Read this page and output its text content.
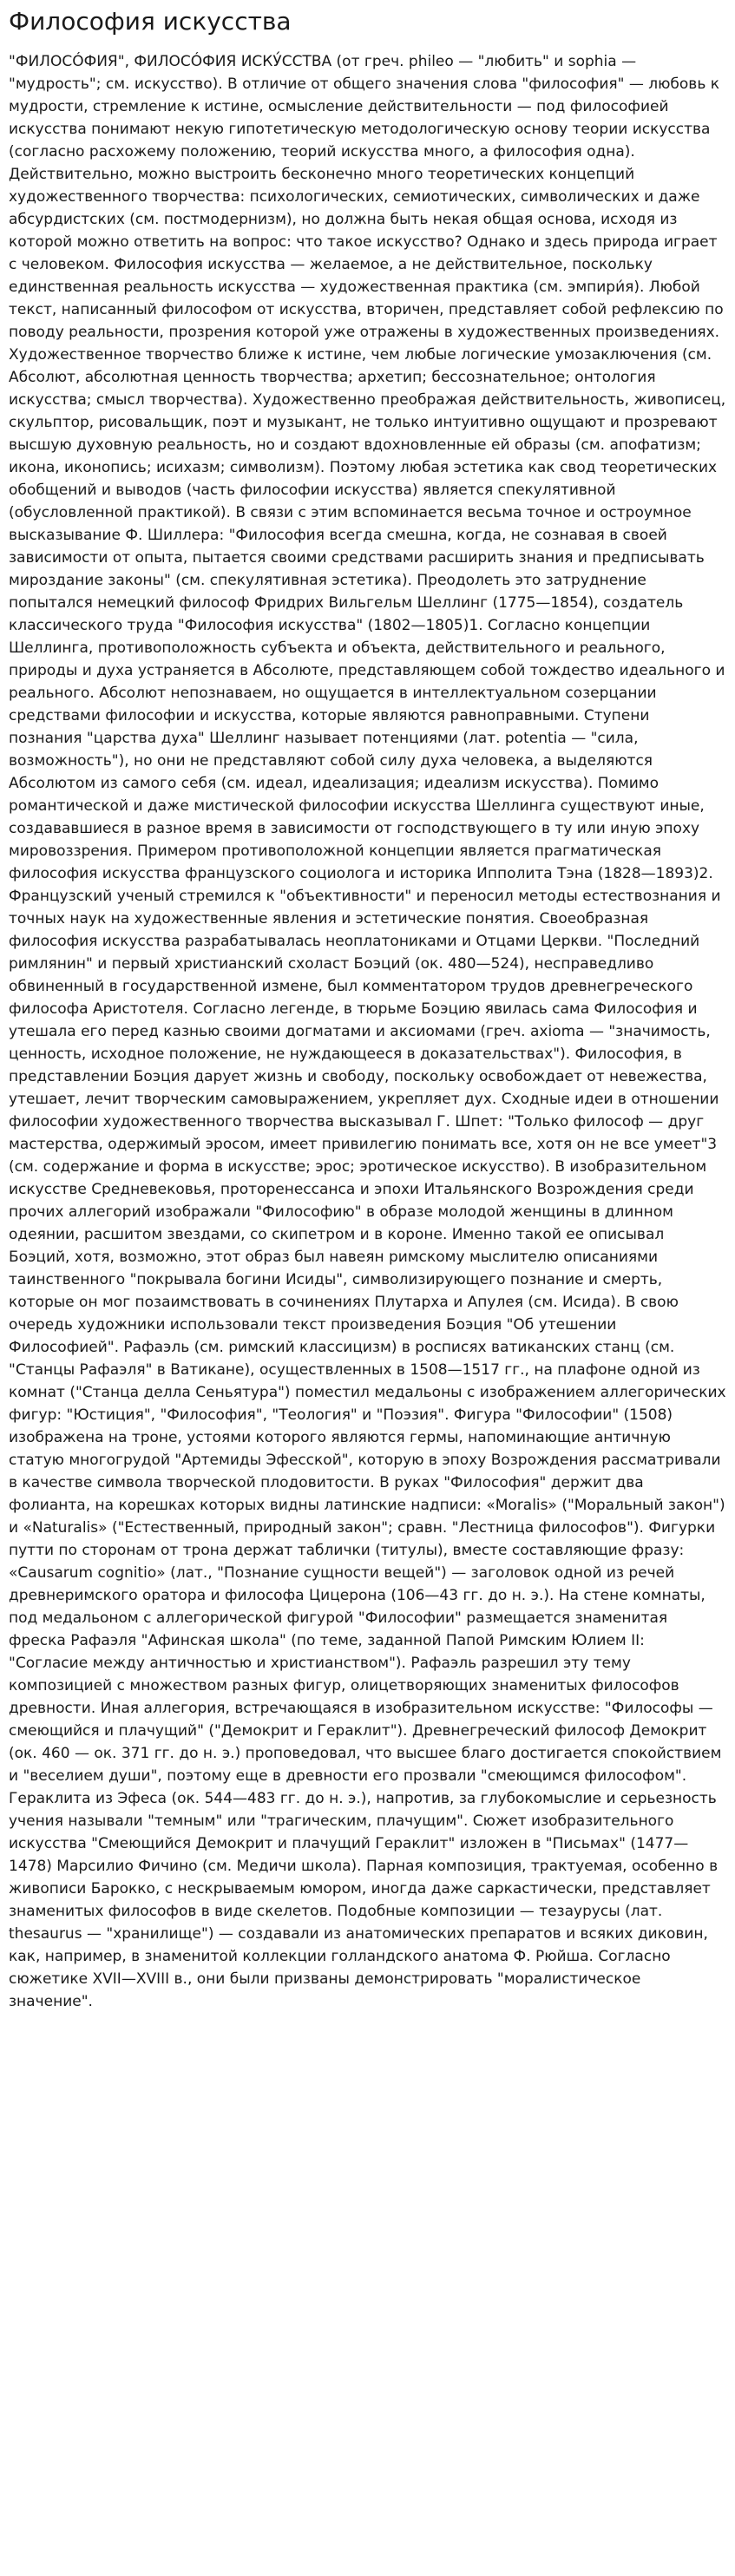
Философия искусства
"ФИЛОСÓФИЯ", ФИЛОСÓФИЯ ИСКУ́ССТВА (от греч. phileo — "любить" и sophia — "мудрость"; см. искусство). В отличие от общего значения слова "философия" — любовь к мудрости, стремление к истине, осмысление действительности — под философией искусства понимают некую гипотетическую методологическую основу теории искусства (согласно расхожему положению, теорий искусства много, а философия одна). Действительно, можно выстроить бесконечно много теоретических концепций художественного творчества: психологических, семиотических, символических и даже абсурдистских (см. постмодернизм), но должна быть некая общая основа, исходя из которой можно ответить на вопрос: что такое искусство? Однако и здесь природа играет с человеком. Философия искусства — желаемое, а не действительное, поскольку единственная реальность искусства — художественная практика (см. эмпири́я). Любой текст, написанный философом от искусства, вторичен, представляет собой рефлексию по поводу реальности, прозрения которой уже отражены в художественных произведениях. Художественное творчество ближе к истине, чем любые логические умозаключения (см. Абсолют, абсолютная ценность творчества; архетип; бессознательное; онтология искусства; смысл творчества). Художественно преображая действительность, живописец, скульптор, рисовальщик, поэт и музыкант, не только интуитивно ощущают и прозревают высшую духовную реальность, но и создают вдохновленные ей образы (см. апофатизм; икона, иконопись; исихазм; символизм). Поэтому любая эстетика как свод теоретических обобщений и выводов (часть философии искусства) является спекулятивной (обусловленной практикой). В связи с этим вспоминается весьма точное и остроумное высказывание Ф. Шиллера: "Философия всегда смешна, когда, не сознавая в своей зависимости от опыта, пытается своими средствами расширить знания и предписывать мироздание законы" (см. спекулятивная эстетика). Преодолеть это затруднение попытался немецкий философ Фридрих Вильгельм Шеллинг (1775—1854), создатель классического труда "Философия искусства" (1802—1805)1. Согласно концепции Шеллинга, противоположность субъекта и объекта, действительного и реального, природы и духа устраняется в Абсолюте, представляющем собой тождество идеального и реального. Абсолют непознаваем, но ощущается в интеллектуальном созерцании средствами философии и искусства, которые являются равноправными. Ступени познания "царства духа" Шеллинг называет потенциями (лат. potentia — "сила, возможность"), но они не представляют собой силу духа человека, а выделяются Абсолютом из самого себя (см. идеал, идеализация; идеализм искусства). Помимо романтической и даже мистической философии искусства Шеллинга существуют иные, создававшиеся в разное время в зависимости от господствующего в ту или иную эпоху мировоззрения. Примером противоположной концепции является прагматическая философия искусства французского социолога и историка Ипполита Тэна (1828—1893)2. Французский ученый стремился к "объективности" и переносил методы естествознания и точных наук на художественные явления и эстетические понятия. Своеобразная философия искусства разрабатывалась неоплатониками и Отцами Церкви. "Последний римлянин" и первый христианский схоласт Боэций (ок. 480—524), несправедливо обвиненный в государственной измене, был комментатором трудов древнегреческого философа Аристотеля. Согласно легенде, в тюрьме Боэцию явилась сама Философия и утешала его перед казнью своими догматами и аксиомами (греч. axioma — "значимость, ценность, исходное положение, не нуждающееся в доказательствах"). Философия, в представлении Боэция дарует жизнь и свободу, поскольку освобождает от невежества, утешает, лечит творческим самовыражением, укрепляет дух. Сходные идеи в отношении философии художественного творчества высказывал Г. Шпет: "Только философ — друг мастерства, одержимый эросом, имеет привилегию понимать все, хотя он не все умеет"3 (см. содержание и форма в искусстве; эрос; эротическое искусство). В изобразительном искусстве Средневековья, проторенессанса и эпохи Итальянского Возрождения среди прочих аллегорий изображали "Философию" в образе молодой женщины в длинном одеянии, расшитом звездами, со скипетром и в короне. Именно такой ее описывал Боэций, хотя, возможно, этот образ был навеян римскому мыслителю описаниями таинственного "покрывала богини Исиды", символизирующего познание и смерть, которые он мог позаимствовать в сочинениях Плутарха и Апулея (см. Исида). В свою очередь художники использовали текст произведения Боэция "Об утешении Философией". Рафаэль (см. римский классицизм) в росписях ватиканских станц (см. "Станцы Рафаэля" в Ватикане), осуществленных в 1508—1517 гг., на плафоне одной из комнат ("Станца делла Сеньятура") поместил медальоны с изображением аллегорических фигур: "Юстиция", "Философия", "Теология" и "Поэзия". Фигура "Философии" (1508) изображена на троне, устоями которого являются гермы, напоминающие античную статую многогрудой "Артемиды Эфесской", которую в эпоху Возрождения рассматривали в качестве символа творческой плодовитости. В руках "Философия" держит два фолианта, на корешках которых видны латинские надписи: «Moralis» ("Моральный закон") и «Naturalis» ("Естественный, природный закон"; сравн. "Лестница философов"). Фигурки путти по сторонам от трона держат таблички (титулы), вместе составляющие фразу: «Causarum cognitio» (лат., "Познание сущности вещей") — заголовок одной из речей древнеримского оратора и философа Цицерона (106—43 гг. до н. э.). На стене комнаты, под медальоном с аллегорической фигурой "Философии" размещается знаменитая фреска Рафаэля "Афинская школа" (по теме, заданной Папой Римским Юлием II: "Согласие между античностью и христианством"). Рафаэль разрешил эту тему композицией с множеством разных фигур, олицетворяющих знаменитых философов древности. Иная аллегория, встречающаяся в изобразительном искусстве: "Философы — смеющийся и плачущий" ("Демокрит и Гераклит"). Древнегреческий философ Демокрит (ок. 460 — ок. 371 гг. до н. э.) проповедовал, что высшее благо достигается спокойствием и "веселием души", поэтому еще в древности его прозвали "смеющимся философом". Гераклита из Эфеса (ок. 544—483 гг. до н. э.), напротив, за глубокомыслие и серьезность учения называли "темным" или "трагическим, плачущим". Сюжет изобразительного искусства "Смеющийся Демокрит и плачущий Гераклит" изложен в "Письмах" (1477—1478) Марсилио Фичино (см. Медичи школа). Парная композиция, трактуемая, особенно в живописи Барокко, с нескрываемым юмором, иногда даже саркастически, представляет знаменитых философов в виде скелетов. Подобные композиции — тезаурусы (лат. thesaurus — "хранилище") — создавали из анатомических препаратов и всяких диковин, как, например, в знаменитой коллекции голландского анатома Ф. Рюйша. Согласно сюжетике XVII—XVIII в., они были призваны демонстрировать "моралистическое значение".
